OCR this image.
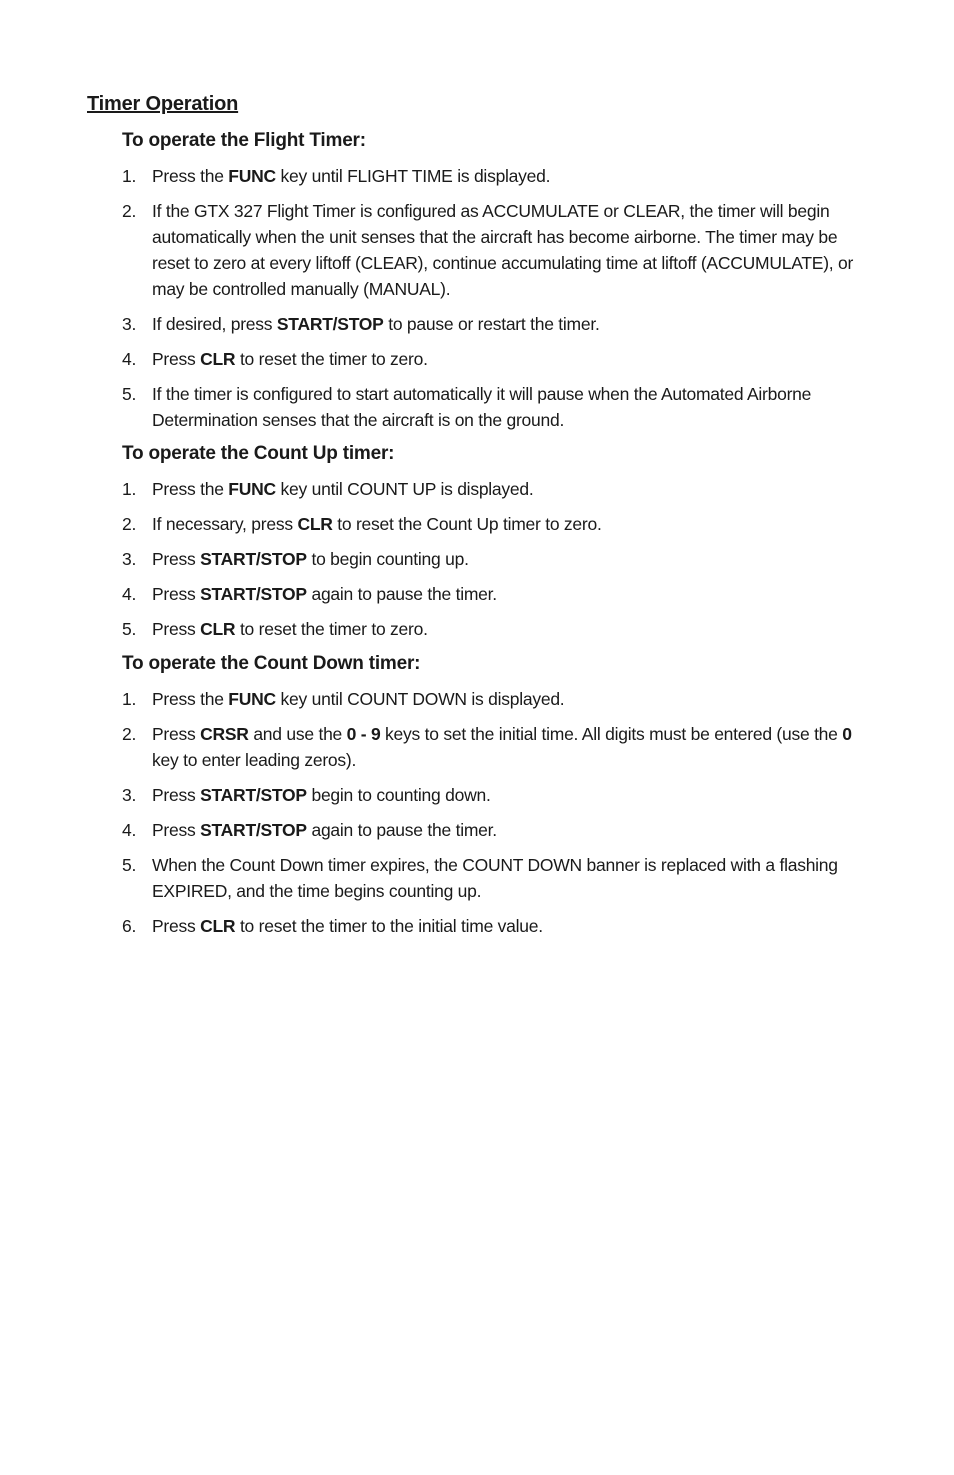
Timer Operation
To operate the Flight Timer:
1. Press the FUNC key until FLIGHT TIME is displayed.
2. If the GTX 327 Flight Timer is configured as ACCUMULATE or CLEAR, the timer will begin automatically when the unit senses that the aircraft has become airborne. The timer may be reset to zero at every liftoff (CLEAR), continue accumulating time at liftoff (ACCUMULATE), or may be controlled manually (MANUAL).
3. If desired, press START/STOP to pause or restart the timer.
4. Press CLR to reset the timer to zero.
5. If the timer is configured to start automatically it will pause when the Automated Airborne Determination senses that the aircraft is on the ground.
To operate the Count Up timer:
1. Press the FUNC key until COUNT UP is displayed.
2. If necessary, press CLR to reset the Count Up timer to zero.
3. Press START/STOP to begin counting up.
4. Press START/STOP again to pause the timer.
5. Press CLR to reset the timer to zero.
To operate the Count Down timer:
1. Press the FUNC key until COUNT DOWN is displayed.
2. Press CRSR and use the 0 - 9 keys to set the initial time. All digits must be entered (use the 0 key to enter leading zeros).
3. Press START/STOP begin to counting down.
4. Press START/STOP again to pause the timer.
5. When the Count Down timer expires, the COUNT DOWN banner is replaced with a flashing EXPIRED, and the time begins counting up.
6. Press CLR to reset the timer to the initial time value.
